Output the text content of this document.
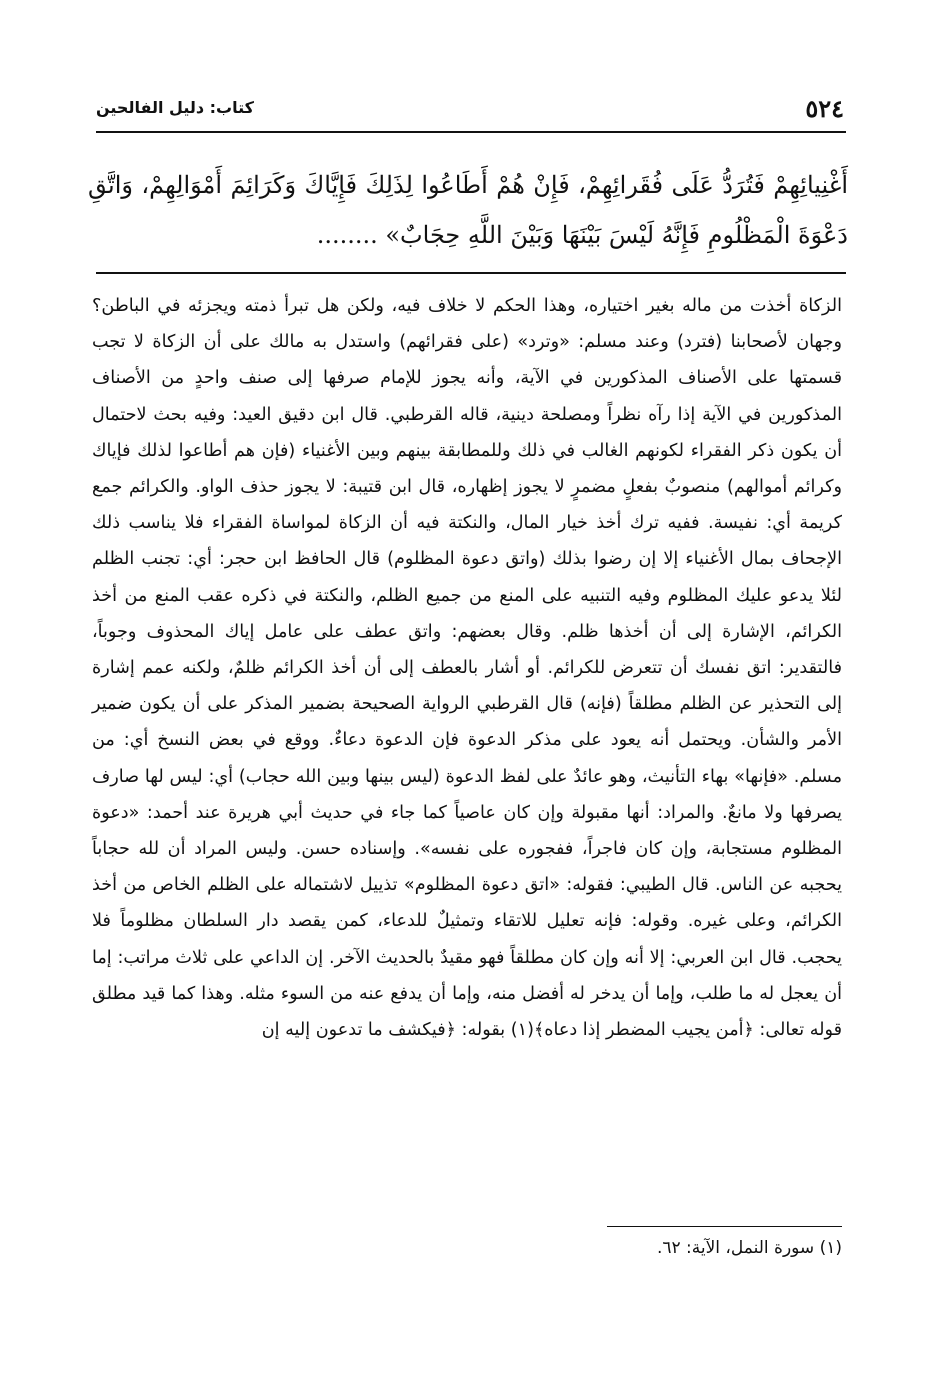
٥٢٤
كتاب: دليل الفالحين
أَغْنِيائِهِمْ فَتُرَدُّ عَلَى فُقَرائِهِمْ، فَإِنْ هُمْ أَطَاعُوا لِذَلِكَ فَإِيَّاكَ وَكَرَائِمَ أَمْوَالِهِمْ، وَاتَّقِ دَعْوَةَ الْمَظْلُومِ فَإِنَّهُ لَيْسَ بَيْنَهَا وَبَيْنَ اللَّهِ حِجَابٌ» ........

الزكاة أخذت من ماله بغير اختياره، وهذا الحكم لا خلاف فيه، ولكن هل تبرأ ذمته ويجزئه في الباطن؟ وجهان لأصحابنا (فترد) وعند مسلم: «وترد» (على فقرائهم) واستدل به مالك على أن الزكاة لا تجب قسمتها على الأصناف المذكورين في الآية، وأنه يجوز للإمام صرفها إلى صنف واحدٍ من الأصناف المذكورين في الآية إذا رآه نظراً ومصلحة دينية، قاله القرطبي. قال ابن دقيق العيد: وفيه بحث لاحتمال أن يكون ذكر الفقراء لكونهم الغالب في ذلك وللمطابقة بينهم وبين الأغنياء (فإن هم أطاعوا لذلك فإياك وكرائم أموالهم) منصوبٌ بفعلٍ مضمرٍ لا يجوز إظهاره، قال ابن قتيبة: لا يجوز حذف الواو. والكرائم جمع كريمة أي: نفيسة. ففيه ترك أخذ خيار المال، والنكتة فيه أن الزكاة لمواساة الفقراء فلا يناسب ذلك الإجحاف بمال الأغنياء إلا إن رضوا بذلك (واتق دعوة المظلوم) قال الحافظ ابن حجر: أي: تجنب الظلم لئلا يدعو عليك المظلوم وفيه التنبيه على المنع من جميع الظلم، والنكتة في ذكره عقب المنع من أخذ الكرائم، الإشارة إلى أن أخذها ظلم. وقال بعضهم: واتق عطف على عامل إياك المحذوف وجوباً، فالتقدير: اتق نفسك أن تتعرض للكرائم. أو أشار بالعطف إلى أن أخذ الكرائم ظلمٌ، ولكنه عمم إشارة إلى التحذير عن الظلم مطلقاً (فإنه) قال القرطبي الرواية الصحيحة بضمير المذكر على أن يكون ضمير الأمر والشأن. ويحتمل أنه يعود على مذكر الدعوة فإن الدعوة دعاءٌ. ووقع في بعض النسخ أي: من مسلم. «فإنها» بهاء التأنيث، وهو عائدٌ على لفظ الدعوة (ليس بينها وبين الله حجاب) أي: ليس لها صارف يصرفها ولا مانعٌ. والمراد: أنها مقبولة وإن كان عاصياً كما جاء في حديث أبي هريرة عند أحمد: «دعوة المظلوم مستجابة، وإن كان فاجراً، ففجوره على نفسه». وإسناده حسن. وليس المراد أن لله حجاباً يحجبه عن الناس. قال الطيبي: فقوله: «اتق دعوة المظلوم» تذييل لاشتماله على الظلم الخاص من أخذ الكرائم، وعلى غيره. وقوله: فإنه تعليل للاتقاء وتمثيلٌ للدعاء، كمن يقصد دار السلطان مظلوماً فلا يحجب. قال ابن العربي: إلا أنه وإن كان مطلقاً فهو مقيدٌ بالحديث الآخر. إن الداعي على ثلاث مراتب: إما أن يعجل له ما طلب، وإما أن يدخر له أفضل منه، وإما أن يدفع عنه من السوء مثله. وهذا كما قيد مطلق قوله تعالى: ﴿أمن يجيب المضطر إذا دعاه﴾(١) بقوله: ﴿فيكشف ما تدعون إليه إن

(١) سورة النمل، الآية: ٦٢.
